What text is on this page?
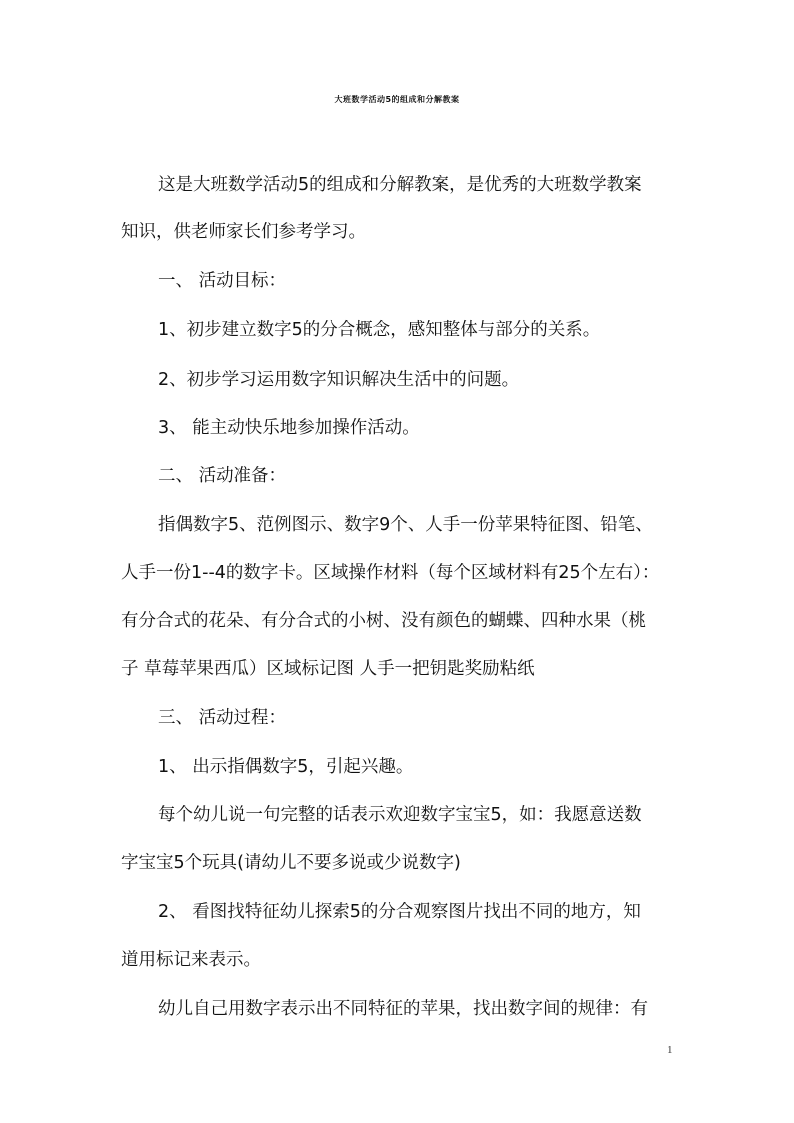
大班数学活动5的组成和分解教案
这是大班数学活动5的组成和分解教案，是优秀的大班数学教案
知识，供老师家长们参考学习。
一、 活动目标：
1、初步建立数字5的分合概念，感知整体与部分的关系。
2、初步学习运用数字知识解决生活中的问题。
3、 能主动快乐地参加操作活动。
二、 活动准备：
指偶数字5、范例图示、数字9个、人手一份苹果特征图、铅笔、
人手一份1--4的数字卡。区域操作材料（每个区域材料有25个左右）：
有分合式的花朵、有分合式的小树、没有颜色的蝴蝶、四种水果（桃
子 草莓苹果西瓜）区域标记图 人手一把钥匙奖励粘纸
三、 活动过程：
1、 出示指偶数字5，引起兴趣。
每个幼儿说一句完整的话表示欢迎数字宝宝5，如：我愿意送数
字宝宝5个玩具(请幼儿不要多说或少说数字)
2、 看图找特征幼儿探索5的分合观察图片找出不同的地方，知
道用标记来表示。
幼儿自己用数字表示出不同特征的苹果，找出数字间的规律：有
1
